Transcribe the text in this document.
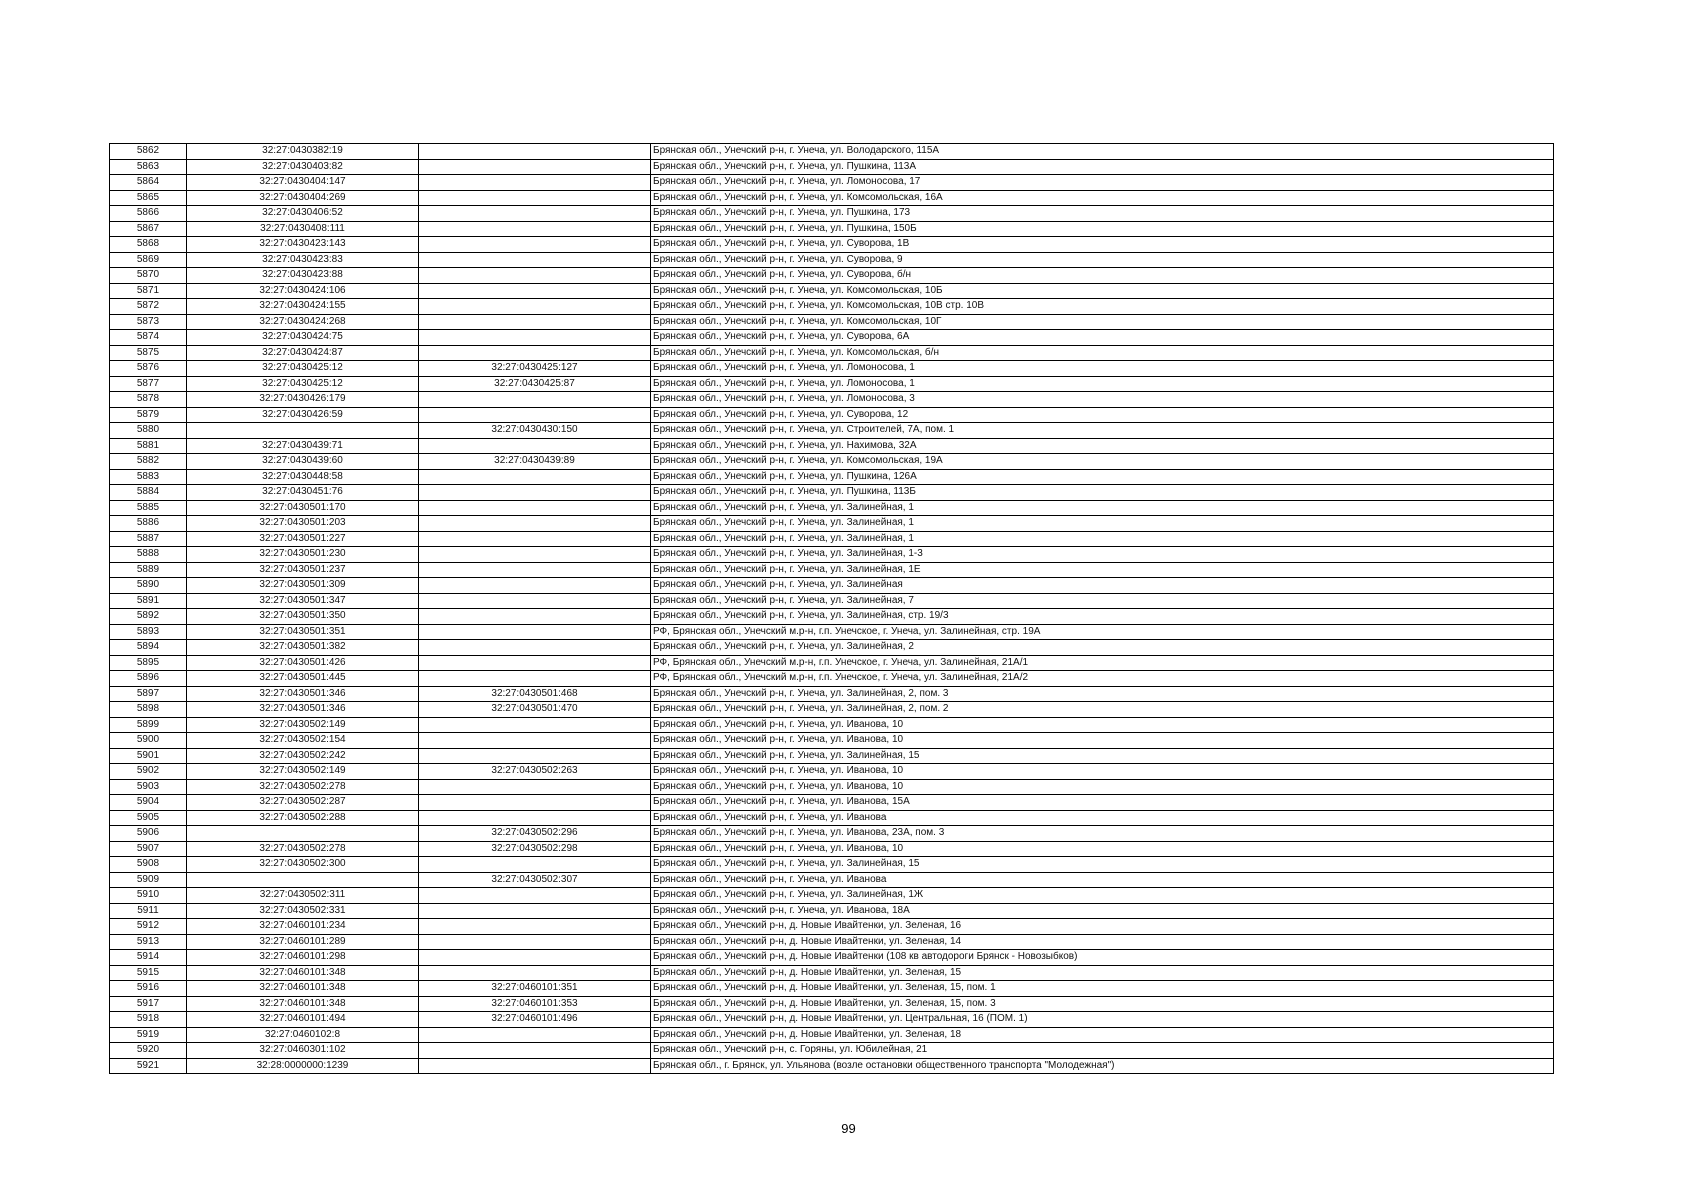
5862	32:27:0430382:19		Брянская обл., Унечский р-н, г. Унеча, ул. Володарского, 115А
5863	32:27:0430403:82		Брянская обл., Унечский р-н, г. Унеча, ул. Пушкина, 113А
5864	32:27:0430404:147		Брянская обл., Унечский р-н, г. Унеча, ул. Ломоносова, 17
5865	32:27:0430404:269		Брянская обл., Унечский р-н, г. Унеча, ул. Комсомольская, 16А
5866	32:27:0430406:52		Брянская обл., Унечский р-н, г. Унеча, ул. Пушкина, 173
5867	32:27:0430408:111		Брянская обл., Унечский р-н, г. Унеча, ул. Пушкина, 150Б
5868	32:27:0430423:143		Брянская обл., Унечский р-н, г. Унеча, ул. Суворова, 1В
5869	32:27:0430423:83		Брянская обл., Унечский р-н, г. Унеча, ул. Суворова, 9
5870	32:27:0430423:88		Брянская обл., Унечский р-н, г. Унеча, ул. Суворова, б/н
5871	32:27:0430424:106		Брянская обл., Унечский р-н, г. Унеча, ул. Комсомольская, 10Б
5872	32:27:0430424:155		Брянская обл., Унечский р-н, г. Унеча, ул. Комсомольская, 10В стр. 10В
5873	32:27:0430424:268		Брянская обл., Унечский р-н, г. Унеча, ул. Комсомольская, 10Г
5874	32:27:0430424:75		Брянская обл., Унечский р-н, г. Унеча, ул. Суворова, 6А
5875	32:27:0430424:87		Брянская обл., Унечский р-н, г. Унеча, ул. Комсомольская, б/н
5876	32:27:0430425:12	32:27:0430425:127	Брянская обл., Унечский р-н, г. Унеча, ул. Ломоносова, 1
5877	32:27:0430425:12	32:27:0430425:87	Брянская обл., Унечский р-н, г. Унеча, ул. Ломоносова, 1
5878	32:27:0430426:179		Брянская обл., Унечский р-н, г. Унеча, ул. Ломоносова, 3
5879	32:27:0430426:59		Брянская обл., Унечский р-н, г. Унеча, ул. Суворова, 12
5880		32:27:0430430:150	Брянская обл., Унечский р-н, г. Унеча, ул. Строителей, 7А, пом. 1
5881	32:27:0430439:71		Брянская обл., Унечский р-н, г. Унеча, ул. Нахимова, 32А
5882	32:27:0430439:60	32:27:0430439:89	Брянская обл., Унечский р-н, г. Унеча, ул. Комсомольская, 19А
5883	32:27:0430448:58		Брянская обл., Унечский р-н, г. Унеча, ул. Пушкина, 126А
5884	32:27:0430451:76		Брянская обл., Унечский р-н, г. Унеча, ул. Пушкина, 113Б
5885	32:27:0430501:170		Брянская обл., Унечский р-н, г. Унеча, ул. Залинейная, 1
5886	32:27:0430501:203		Брянская обл., Унечский р-н, г. Унеча, ул. Залинейная, 1
5887	32:27:0430501:227		Брянская обл., Унечский р-н, г. Унеча, ул. Залинейная, 1
5888	32:27:0430501:230		Брянская обл., Унечский р-н, г. Унеча, ул. Залинейная, 1-3
5889	32:27:0430501:237		Брянская обл., Унечский р-н, г. Унеча, ул. Залинейная, 1Е
5890	32:27:0430501:309		Брянская обл., Унечский р-н, г. Унеча, ул. Залинейная
5891	32:27:0430501:347		Брянская обл., Унечский р-н, г. Унеча, ул. Залинейная, 7
5892	32:27:0430501:350		Брянская обл., Унечский р-н, г. Унеча, ул. Залинейная, стр. 19/3
5893	32:27:0430501:351		РФ, Брянская обл., Унечский м.р-н, г.п. Унечское, г. Унеча, ул. Залинейная, стр. 19А
5894	32:27:0430501:382		Брянская обл., Унечский р-н, г. Унеча, ул. Залинейная, 2
5895	32:27:0430501:426		РФ, Брянская обл., Унечский м.р-н, г.п. Унечское, г. Унеча, ул. Залинейная, 21А/1
5896	32:27:0430501:445		РФ, Брянская обл., Унечский м.р-н, г.п. Унечское, г. Унеча, ул. Залинейная, 21А/2
5897	32:27:0430501:346	32:27:0430501:468	Брянская обл., Унечский р-н, г. Унеча, ул. Залинейная, 2, пом. 3
5898	32:27:0430501:346	32:27:0430501:470	Брянская обл., Унечский р-н, г. Унеча, ул. Залинейная, 2, пом. 2
5899	32:27:0430502:149		Брянская обл., Унечский р-н, г. Унеча, ул. Иванова, 10
5900	32:27:0430502:154		Брянская обл., Унечский р-н, г. Унеча, ул. Иванова, 10
5901	32:27:0430502:242		Брянская обл., Унечский р-н, г. Унеча, ул. Залинейная, 15
5902	32:27:0430502:149	32:27:0430502:263	Брянская обл., Унечский р-н, г. Унеча, ул. Иванова, 10
5903	32:27:0430502:278		Брянская обл., Унечский р-н, г. Унеча, ул. Иванова, 10
5904	32:27:0430502:287		Брянская обл., Унечский р-н, г. Унеча, ул. Иванова, 15А
5905	32:27:0430502:288		Брянская обл., Унечский р-н, г. Унеча, ул. Иванова
5906		32:27:0430502:296	Брянская обл., Унечский р-н, г. Унеча, ул. Иванова, 23А, пом. 3
5907	32:27:0430502:278	32:27:0430502:298	Брянская обл., Унечский р-н, г. Унеча, ул. Иванова, 10
5908	32:27:0430502:300		Брянская обл., Унечский р-н, г. Унеча, ул. Залинейная, 15
5909		32:27:0430502:307	Брянская обл., Унечский р-н, г. Унеча, ул. Иванова
5910	32:27:0430502:311		Брянская обл., Унечский р-н, г. Унеча, ул. Залинейная, 1Ж
5911	32:27:0430502:331		Брянская обл., Унечский р-н, г. Унеча, ул. Иванова, 18А
5912	32:27:0460101:234		Брянская обл., Унечский р-н, д. Новые Ивайтенки, ул. Зеленая, 16
5913	32:27:0460101:289		Брянская обл., Унечский р-н, д. Новые Ивайтенки, ул. Зеленая, 14
5914	32:27:0460101:298		Брянская обл., Унечский р-н, д. Новые Ивайтенки (108 кв автодороги Брянск - Новозыбков)
5915	32:27:0460101:348		Брянская обл., Унечский р-н, д. Новые Ивайтенки, ул. Зеленая, 15
5916	32:27:0460101:348	32:27:0460101:351	Брянская обл., Унечский р-н, д. Новые Ивайтенки, ул. Зеленая, 15, пом. 1
5917	32:27:0460101:348	32:27:0460101:353	Брянская обл., Унечский р-н, д. Новые Ивайтенки, ул. Зеленая, 15, пом. 3
5918	32:27:0460101:494	32:27:0460101:496	Брянская обл., Унечский р-н, д. Новые Ивайтенки, ул. Центральная, 16 (ПОМ. 1)
5919	32:27:0460102:8		Брянская обл., Унечский р-н, д. Новые Ивайтенки, ул. Зеленая, 18
5920	32:27:0460301:102		Брянская обл., Унечский р-н, с. Горяны, ул. Юбилейная, 21
5921	32:28:0000000:1239		Брянская обл., г. Брянск, ул. Ульянова (возле остановки общественного транспорта "Молодежная")
99
